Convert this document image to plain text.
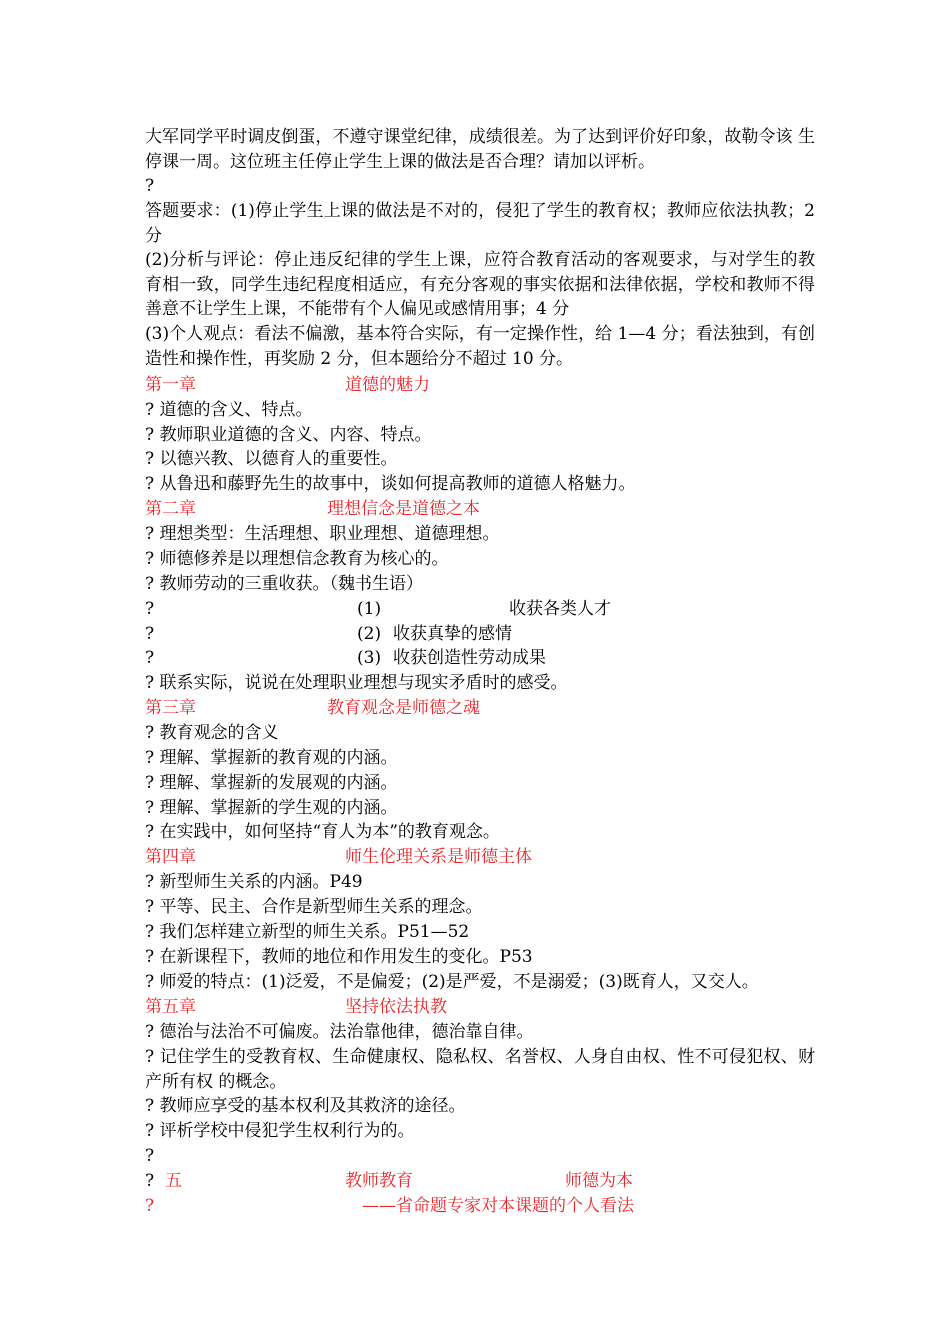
大军同学平时调皮倒蛋，不遵守课堂纪律，成绩很差。为了达到评价好印象，故勒令该 生停课一周。这位班主任停止学生上课的做法是否合理？请加以评析。

?

答题要求：(1)停止学生上课的做法是不对的，侵犯了学生的教育权；教师应依法执教；2 分

(2)分析与评论：停止违反纪律的学生上课，应符合教育活动的客观要求，与对学生的教育相一致，同学生违纪程度相适应，有充分客观的事实依据和法律依据，学校和教师不得善意不让学生上课，不能带有个人偏见或感情用事；4 分

(3)个人观点：看法不偏激，基本符合实际，有一定操作性，给 1—4 分；看法独到，有创造性和操作性，再奖励 2 分，但本题给分不超过 10 分。

第一章	道德的魅力
? 道德的含义、特点。
? 教师职业道德的含义、内容、特点。
? 以德兴教、以德育人的重要性。
? 从鲁迅和藤野先生的故事中，谈如何提高教师的道德人格魅力。
第二章	理想信念是道德之本
? 理想类型：生活理想、职业理想、道德理想。
? 师德修养是以理想信念教育为核心的。
? 教师劳动的三重收获。（魏书生语）
?	(1)	收获各类人才
?	(2) 收获真挚的感情
?	(3) 收获创造性劳动成果
? 联系实际，说说在处理职业理想与现实矛盾时的感受。
第三章	教育观念是师德之魂
? 教育观念的含义
? 理解、掌握新的教育观的内涵。
? 理解、掌握新的发展观的内涵。
? 理解、掌握新的学生观的内涵。
? 在实践中，如何坚持“育人为本”的教育观念。
第四章	师生伦理关系是师德主体
? 新型师生关系的内涵。P49
? 平等、民主、合作是新型师生关系的理念。
? 我们怎样建立新型的师生关系。P51—52
? 在新课程下，教师的地位和作用发生的变化。P53
? 师爱的特点：(1)泛爱，不是偏爱；(2)是严爱，不是溺爱；(3)既育人，又交人。
第五章	坚持依法执教
? 德治与法治不可偏废。法治靠他律，德治靠自律。

? 记住学生的受教育权、生命健康权、隐私权、名誉权、人身自由权、性不可侵犯权、财产所有权 的概念。

? 教师应享受的基本权利及其救济的途径。
? 评析学校中侵犯学生权利行为的。
?
? 五	教师教育	师德为本
?	——省命题专家对本课题的个人看法
